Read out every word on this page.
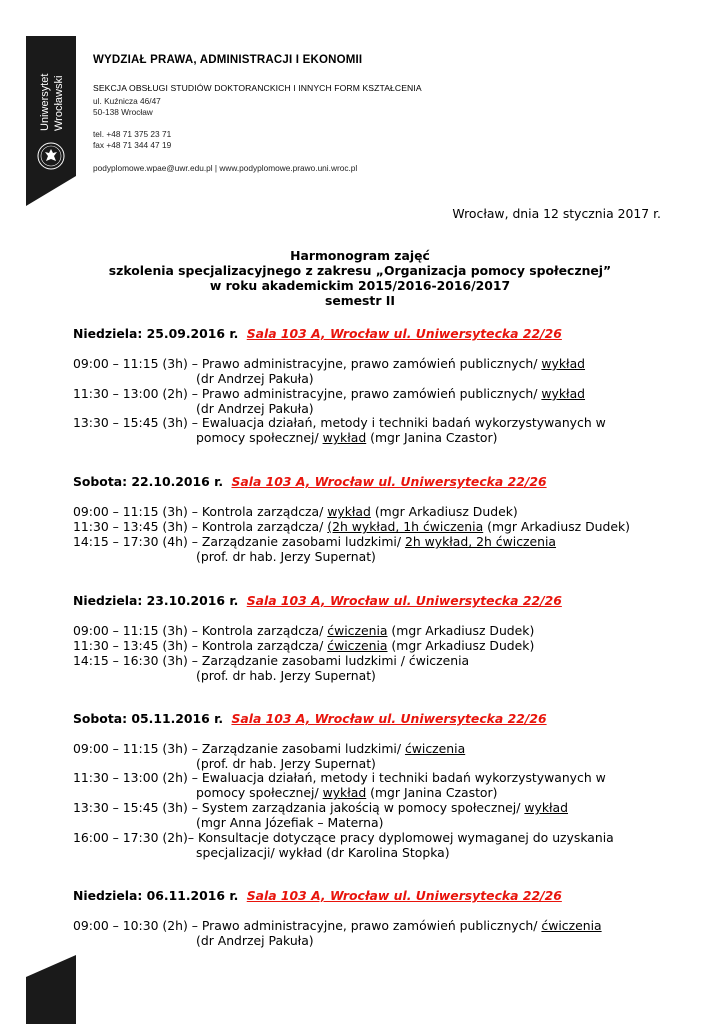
Uniwersytet Wrocławski
WYDZIAŁ PRAWA, ADMINISTRACJI I EKONOMII
SEKCJA OBSŁUGI STUDIÓW DOKTORANCKICH I INNYCH FORM KSZTAŁCENIA
ul. Kuźnicza 46/47
50-138 Wrocław
tel. +48 71 375 23 71
fax +48 71 344 47 19
podyplomowe.wpae@uwr.edu.pl | www.podyplomowe.prawo.uni.wroc.pl
Wrocław, dnia 12 stycznia 2017 r.
Harmonogram zajęć
szkolenia specjalizacyjnego z zakresu „Organizacja pomocy społecznej”
w roku akademickim 2015/2016-2016/2017
semestr II
Niedziela: 25.09.2016 r. Sala 103 A, Wrocław ul. Uniwersytecka 22/26
09:00 – 11:15 (3h) – Prawo administracyjne, prawo zamówień publicznych/ wykład
(dr Andrzej Pakuła)
11:30 – 13:00 (2h) – Prawo administracyjne, prawo zamówień publicznych/ wykład
(dr Andrzej Pakuła)
13:30 – 15:45 (3h) – Ewaluacja działań, metody i techniki badań wykorzystywanych w
pomocy społecznej/ wykład (mgr Janina Czastor)
Sobota: 22.10.2016 r. Sala 103 A, Wrocław ul. Uniwersytecka 22/26
09:00 – 11:15 (3h) – Kontrola zarządcza/ wykład (mgr Arkadiusz Dudek)
11:30 – 13:45 (3h) – Kontrola zarządcza/ (2h wykład, 1h ćwiczenia (mgr Arkadiusz Dudek)
14:15 – 17:30 (4h) – Zarządzanie zasobami ludzkimi/ 2h wykład, 2h ćwiczenia
(prof. dr hab. Jerzy Supernat)
Niedziela: 23.10.2016 r. Sala 103 A, Wrocław ul. Uniwersytecka 22/26
09:00 – 11:15 (3h) – Kontrola zarządcza/ ćwiczenia (mgr Arkadiusz Dudek)
11:30 – 13:45 (3h) – Kontrola zarządcza/ ćwiczenia (mgr Arkadiusz Dudek)
14:15 – 16:30 (3h) – Zarządzanie zasobami ludzkimi / ćwiczenia
(prof. dr hab. Jerzy Supernat)
Sobota: 05.11.2016 r. Sala 103 A, Wrocław ul. Uniwersytecka 22/26
09:00 – 11:15 (3h) – Zarządzanie zasobami ludzkimi/ ćwiczenia
(prof. dr hab. Jerzy Supernat)
11:30 – 13:00 (2h) – Ewaluacja działań, metody i techniki badań wykorzystywanych w
pomocy społecznej/ wykład (mgr Janina Czastor)
13:30 – 15:45 (3h) – System zarządzania jakością w pomocy społecznej/ wykład
(mgr Anna Józefiak – Materna)
16:00 – 17:30 (2h)– Konsultacje dotyczące pracy dyplomowej wymaganej do uzyskania
specjalizacji/ wykład (dr Karolina Stopka)
Niedziela: 06.11.2016 r. Sala 103 A, Wrocław ul. Uniwersytecka 22/26
09:00 – 10:30 (2h) – Prawo administracyjne, prawo zamówień publicznych/ ćwiczenia
(dr Andrzej Pakuła)
